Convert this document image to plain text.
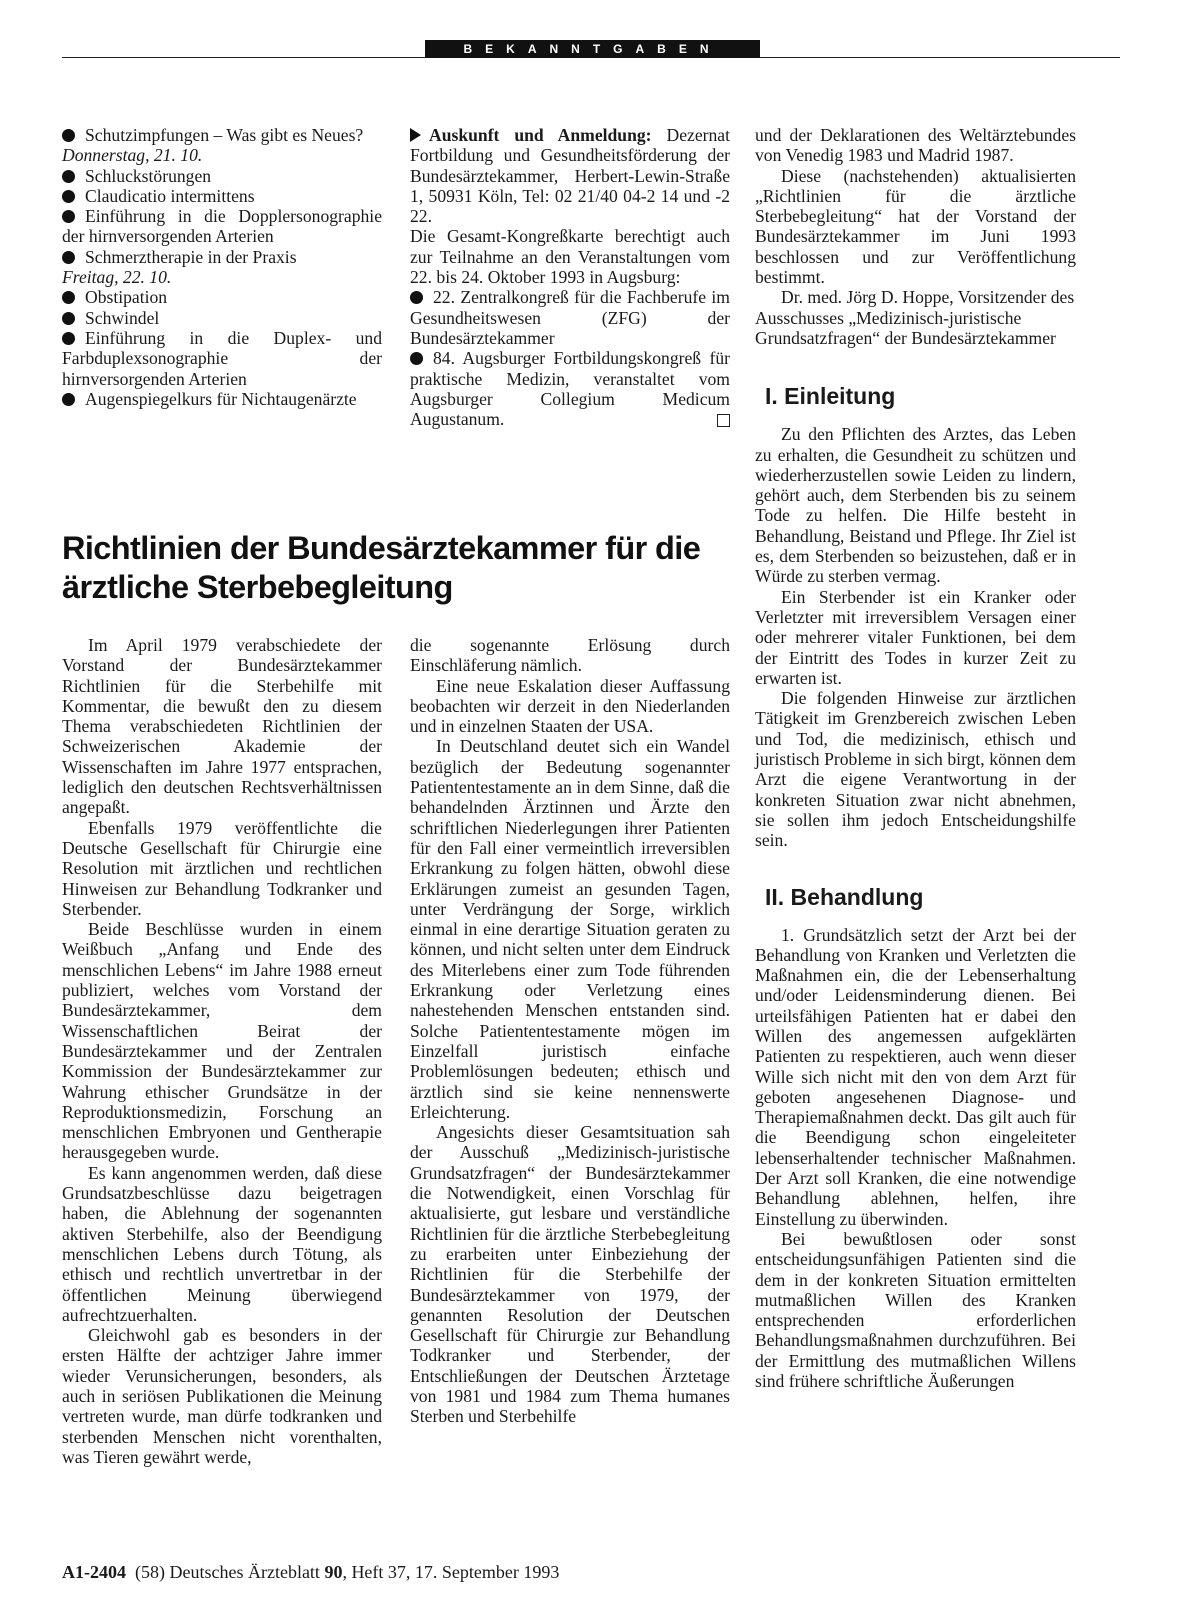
BEKANNTGABEN

Schutzimpfungen – Was gibt es Neues?

Donnerstag, 21. 10.

Schluckstörungen

Claudicatio intermittens

Einführung in die Dopplersonographie der hirnversorgenden Arterien

Schmerztherapie in der Praxis

Freitag, 22. 10.

Obstipation

Schwindel

Einführung in die Duplex- und Farbduplexsonographie der hirnversorgenden Arterien

Augenspiegelkurs für Nichtaugenärzte

Auskunft und Anmeldung: Dezernat Fortbildung und Gesundheitsförderung der Bundesärztekammer, Herbert-Lewin-Straße 1, 50931 Köln, Tel: 02 21/40 04-2 14 und -2 22.

Die Gesamt-Kongreßkarte berechtigt auch zur Teilnahme an den Veranstaltungen vom 22. bis 24. Oktober 1993 in Augsburg:

22. Zentralkongreß für die Fachberufe im Gesundheitswesen (ZFG) der Bundesärztekammer

84. Augsburger Fortbildungskongreß für praktische Medizin, veranstaltet vom Augsburger Collegium Medicum Augustanum.

Richtlinien der Bundesärztekammer für die ärztliche Sterbebegleitung

Im April 1979 verabschiedete der Vorstand der Bundesärztekammer Richtlinien für die Sterbehilfe mit Kommentar, die bewußt den zu diesem Thema verabschiedeten Richtlinien der Schweizerischen Akademie der Wissenschaften im Jahre 1977 entsprachen, lediglich den deutschen Rechtsverhältnissen angepaßt.

Ebenfalls 1979 veröffentlichte die Deutsche Gesellschaft für Chirurgie eine Resolution mit ärztlichen und rechtlichen Hinweisen zur Behandlung Todkranker und Sterbender.

Beide Beschlüsse wurden in einem Weißbuch „Anfang und Ende des menschlichen Lebens“ im Jahre 1988 erneut publiziert, welches vom Vorstand der Bundesärztekammer, dem Wissenschaftlichen Beirat der Bundesärztekammer und der Zentralen Kommission der Bundesärztekammer zur Wahrung ethischer Grundsätze in der Reproduktionsmedizin, Forschung an menschlichen Embryonen und Gentherapie herausgegeben wurde.

Es kann angenommen werden, daß diese Grundsatzbeschlüsse dazu beigetragen haben, die Ablehnung der sogenannten aktiven Sterbehilfe, also der Beendigung menschlichen Lebens durch Tötung, als ethisch und rechtlich unvertretbar in der öffentlichen Meinung überwiegend aufrechtzuerhalten.

Gleichwohl gab es besonders in der ersten Hälfte der achtziger Jahre immer wieder Verunsicherungen, besonders, als auch in seriösen Publikationen die Meinung vertreten wurde, man dürfe todkranken und sterbenden Menschen nicht vorenthalten, was Tieren gewährt werde,

die sogenannte Erlösung durch Einschläferung nämlich.

Eine neue Eskalation dieser Auffassung beobachten wir derzeit in den Niederlanden und in einzelnen Staaten der USA.

In Deutschland deutet sich ein Wandel bezüglich der Bedeutung sogenannter Patiententestamente an in dem Sinne, daß die behandelnden Ärztinnen und Ärzte den schriftlichen Niederlegungen ihrer Patienten für den Fall einer vermeintlich irreversiblen Erkrankung zu folgen hätten, obwohl diese Erklärungen zumeist an gesunden Tagen, unter Verdrängung der Sorge, wirklich einmal in eine derartige Situation geraten zu können, und nicht selten unter dem Eindruck des Miterlebens einer zum Tode führenden Erkrankung oder Verletzung eines nahestehenden Menschen entstanden sind. Solche Patiententestamente mögen im Einzelfall juristisch einfache Problemlösungen bedeuten; ethisch und ärztlich sind sie keine nennenswerte Erleichterung.

Angesichts dieser Gesamtsituation sah der Ausschuß „Medizinisch-juristische Grundsatzfragen“ der Bundesärztekammer die Notwendigkeit, einen Vorschlag für aktualisierte, gut lesbare und verständliche Richtlinien für die ärztliche Sterbebegleitung zu erarbeiten unter Einbeziehung der Richtlinien für die Sterbehilfe der Bundesärztekammer von 1979, der genannten Resolution der Deutschen Gesellschaft für Chirurgie zur Behandlung Todkranker und Sterbender, der Entschließungen der Deutschen Ärztetage von 1981 und 1984 zum Thema humanes Sterben und Sterbehilfe

und der Deklarationen des Weltärztebundes von Venedig 1983 und Madrid 1987.

Diese (nachstehenden) aktualisierten „Richtlinien für die ärztliche Sterbebegleitung“ hat der Vorstand der Bundesärztekammer im Juni 1993 beschlossen und zur Veröffentlichung bestimmt.

Dr. med. Jörg D. Hoppe, Vorsitzender des Ausschusses „Medizinisch-juristische Grundsatzfragen“ der Bundesärztekammer

I. Einleitung

Zu den Pflichten des Arztes, das Leben zu erhalten, die Gesundheit zu schützen und wiederherzustellen sowie Leiden zu lindern, gehört auch, dem Sterbenden bis zu seinem Tode zu helfen. Die Hilfe besteht in Behandlung, Beistand und Pflege. Ihr Ziel ist es, dem Sterbenden so beizustehen, daß er in Würde zu sterben vermag.

Ein Sterbender ist ein Kranker oder Verletzter mit irreversiblem Versagen einer oder mehrerer vitaler Funktionen, bei dem der Eintritt des Todes in kurzer Zeit zu erwarten ist.

Die folgenden Hinweise zur ärztlichen Tätigkeit im Grenzbereich zwischen Leben und Tod, die medizinisch, ethisch und juristisch Probleme in sich birgt, können dem Arzt die eigene Verantwortung in der konkreten Situation zwar nicht abnehmen, sie sollen ihm jedoch Entscheidungshilfe sein.

II. Behandlung

1. Grundsätzlich setzt der Arzt bei der Behandlung von Kranken und Verletzten die Maßnahmen ein, die der Lebenserhaltung und/oder Leidensminderung dienen. Bei urteilsfähigen Patienten hat er dabei den Willen des angemessen aufgeklärten Patienten zu respektieren, auch wenn dieser Wille sich nicht mit den von dem Arzt für geboten angesehenen Diagnose- und Therapiemaßnahmen deckt. Das gilt auch für die Beendigung schon eingeleiteter lebenserhaltender technischer Maßnahmen. Der Arzt soll Kranken, die eine notwendige Behandlung ablehnen, helfen, ihre Einstellung zu überwinden.

Bei bewußtlosen oder sonst entscheidungsunfähigen Patienten sind die dem in der konkreten Situation ermittelten mutmaßlichen Willen des Kranken entsprechenden erforderlichen Behandlungsmaßnahmen durchzuführen. Bei der Ermittlung des mutmaßlichen Willens sind frühere schriftliche Äußerungen

A1-2404 (58) Deutsches Ärzteblatt 90, Heft 37, 17. September 1993
